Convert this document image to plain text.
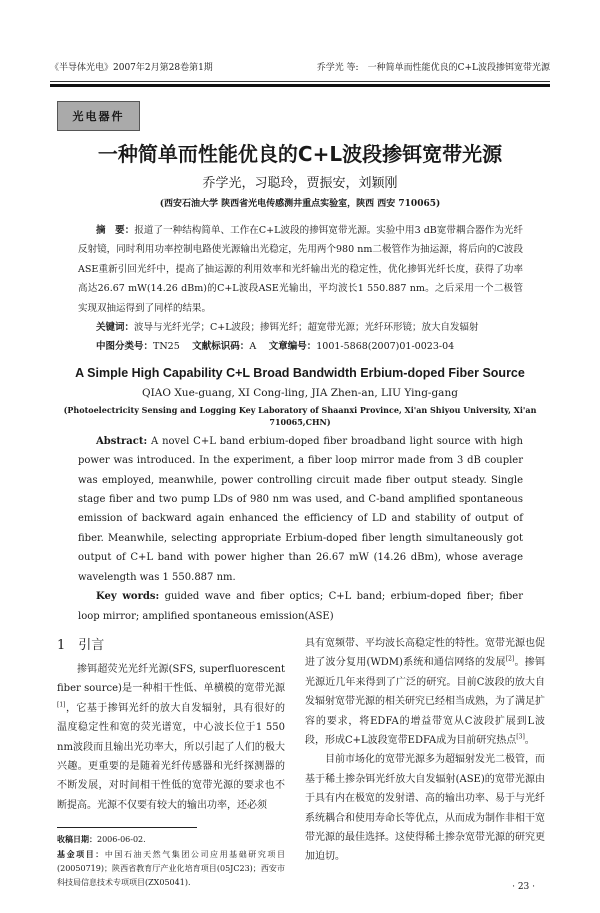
《半导体光电》2007年2月第28卷第1期	乔学光 等:　一种简单而性能优良的C+L波段掺铒宽带光源
光电器件
一种简单而性能优良的C+L波段掺铒宽带光源
乔学光，习聪玲，贾振安，刘颖刚
(西安石油大学 陕西省光电传感测井重点实验室，陕西 西安 710065)
摘　要：报道了一种结构简单、工作在C+L波段的掺铒宽带光源。实验中用3 dB宽带耦合器作为光纤反射镜，同时利用功率控制电路使光源输出光稳定，先用两个980 nm二极管作为抽运源，将后向的C波段ASE重新引回光纤中，提高了抽运源的利用效率和光纤输出光的稳定性，优化掺铒光纤长度，获得了功率高达26.67 mW(14.26 dBm)的C+L波段ASE光输出，平均波长1 550.887 nm。之后采用一个二极管实现双抽运得到了同样的结果。
关键词：波导与光纤光学；C+L波段；掺铒光纤；超宽带光源；光纤环形镜；放大自发辐射
中图分类号：TN25　 文献标识码：A　 文章编号：1001-5868(2007)01-0023-04
A Simple High Capability C+L Broad Bandwidth Erbium-doped Fiber Source
QIAO Xue-guang, XI Cong-ling, JIA Zhen-an, LIU Ying-gang
(Photoelectricity Sensing and Logging Key Laboratory of Shaanxi Province, Xi'an Shiyou University, Xi'an 710065,CHN)
Abstract: A novel C+L band erbium-doped fiber broadband light source with high power was introduced. In the experiment, a fiber loop mirror made from 3 dB coupler was employed, meanwhile, power controlling circuit made fiber output steady. Single stage fiber and two pump LDs of 980 nm was used, and C-band amplified spontaneous emission of backward again enhanced the efficiency of LD and stability of output of fiber. Meanwhile, selecting appropriate Erbium-doped fiber length simultaneously got output of C+L band with power higher than 26.67 mW (14.26 dBm), whose average wavelength was 1 550.887 nm.
Key words: guided wave and fiber optics; C+L band; erbium-doped fiber; fiber loop mirror; amplified spontaneous emission(ASE)
1　 引言

掺铒超荧光光纤光源(SFS, superfluorescent fiber source)是一种相干性低、单横模的宽带光源[1]，它基于掺铒光纤的放大自发辐射，具有很好的温度稳定性和宽的荧光谱宽，中心波长位于1 550 nm波段而且输出光功率大，所以引起了人们的极大兴趣。更重要的是随着光纤传感器和光纤探测器的不断发展，对时间相干性低的宽带光源的要求也不断提高。光源不仅要有较大的输出功率，还必须

收稿日期：2006-06-02.
基金项目：中国石油天然气集团公司应用基础研究项目(20050719)；陕西省教育厅产业化培育项目(05JC23)；西安市科技局信息技术专项项目(ZX05041).

具有宽频带、平均波长高稳定性的特性。宽带光源也促进了波分复用(WDM)系统和通信网络的发展[2]。掺铒光源近几年来得到了广泛的研究。目前C波段的放大自发辐射宽带光源的相关研究已经相当成熟，为了满足扩容的要求，将EDFA的增益带宽从C波段扩展到L波段，形成C+L波段宽带EDFA成为目前研究热点[3]。

目前市场化的宽带光源多为超辐射发光二极管，而基于稀土掺杂铒光纤放大自发辐射(ASE)的宽带光源由于具有内在极宽的发射谱、高的输出功率、易于与光纤系统耦合和使用寿命长等优点，从而成为制作非相干宽带光源的最佳选择。这使得稀土掺杂宽带光源的研究更加迫切。

· 23 ·
